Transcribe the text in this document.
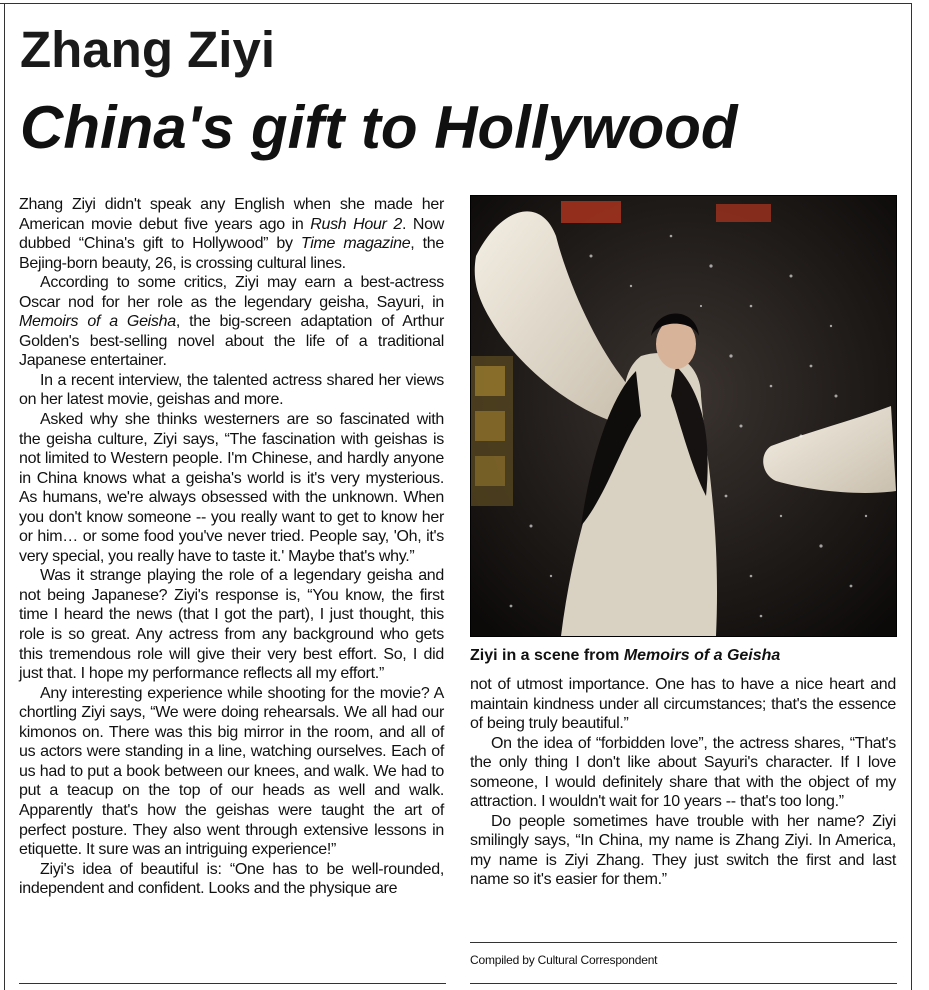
Zhang Ziyi
China's gift to Hollywood

Zhang Ziyi didn't speak any English when she made her American movie debut five years ago in Rush Hour 2. Now dubbed “China's gift to Hollywood” by Time magazine, the Bejing-born beauty, 26, is crossing cultural lines.

According to some critics, Ziyi may earn a best-actress Oscar nod for her role as the legendary geisha, Sayuri, in Memoirs of a Geisha, the big-screen adaptation of Arthur Golden's best-selling novel about the life of a traditional Japanese entertainer.

In a recent interview, the talented actress shared her views on her latest movie, geishas and more.

Asked why she thinks westerners are so fascinated with the geisha culture, Ziyi says, “The fascination with geishas is not limited to Western people. I'm Chinese, and hardly anyone in China knows what a geisha's world is it's very mysterious. As humans, we're always obsessed with the unknown. When you don't know someone -- you really want to get to know her or him… or some food you've never tried. People say, 'Oh, it's very special, you really have to taste it.' Maybe that's why.”

Was it strange playing the role of a legendary geisha and not being Japanese? Ziyi's response is, “You know, the first time I heard the news (that I got the part), I just thought, this role is so great. Any actress from any background who gets this tremendous role will give their very best effort. So, I did just that. I hope my performance reflects all my effort.”

Any interesting experience while shooting for the movie? A chortling Ziyi says, “We were doing rehearsals. We all had our kimonos on. There was this big mirror in the room, and all of us actors were standing in a line, watching ourselves. Each of us had to put a book between our knees, and walk. We had to put a teacup on the top of our heads as well and walk. Apparently that's how the geishas were taught the art of perfect posture. They also went through extensive lessons in etiquette. It sure was an intriguing experience!”

Ziyi's idea of beautiful is: “One has to be well-rounded, independent and confident. Looks and the physique are

Ziyi in a scene from Memoirs of a Geisha

not of utmost importance. One has to have a nice heart and maintain kindness under all circumstances; that's the essence of being truly beautiful.”

On the idea of “forbidden love”, the actress shares, “That's the only thing I don't like about Sayuri's character. If I love someone, I would definitely share that with the object of my attraction. I wouldn't wait for 10 years -- that's too long.”

Do people sometimes have trouble with her name? Ziyi smilingly says, “In China, my name is Zhang Ziyi. In America, my name is Ziyi Zhang. They just switch the first and last name so it's easier for them.”

Compiled by Cultural Correspondent
